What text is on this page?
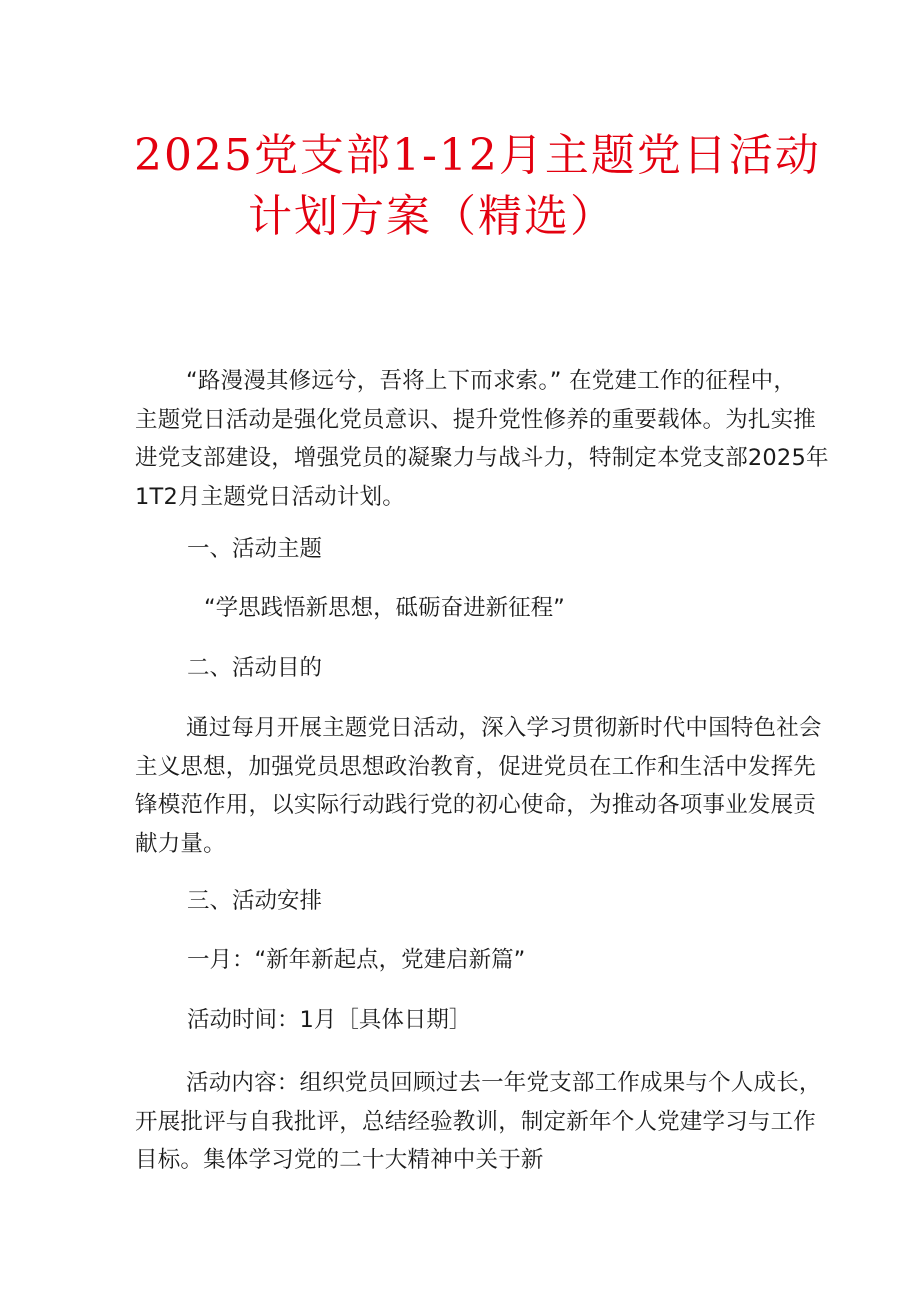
2025党支部1-12月主题党日活动
计划方案（精选）
“路漫漫其修远兮，吾将上下而求索。” 在党建工作的征程中，
主题党日活动是强化党员意识、提升党性修养的重要载体。为扎实推
进党支部建设，增强党员的凝聚力与战斗力，特制定本党支部2025年
1T2月主题党日活动计划。
一、活动主题
“学思践悟新思想，砥砺奋进新征程”
二、活动目的
通过每月开展主题党日活动，深入学习贯彻新时代中国特色社会
主义思想，加强党员思想政治教育，促进党员在工作和生活中发挥先
锋模范作用，以实际行动践行党的初心使命，为推动各项事业发展贡
献力量。
三、活动安排
一月：“新年新起点，党建启新篇”
活动时间：1月［具体日期］
活动内容：组织党员回顾过去一年党支部工作成果与个人成长，
开展批评与自我批评，总结经验教训，制定新年个人党建学习与工作
目标。集体学习党的二十大精神中关于新
